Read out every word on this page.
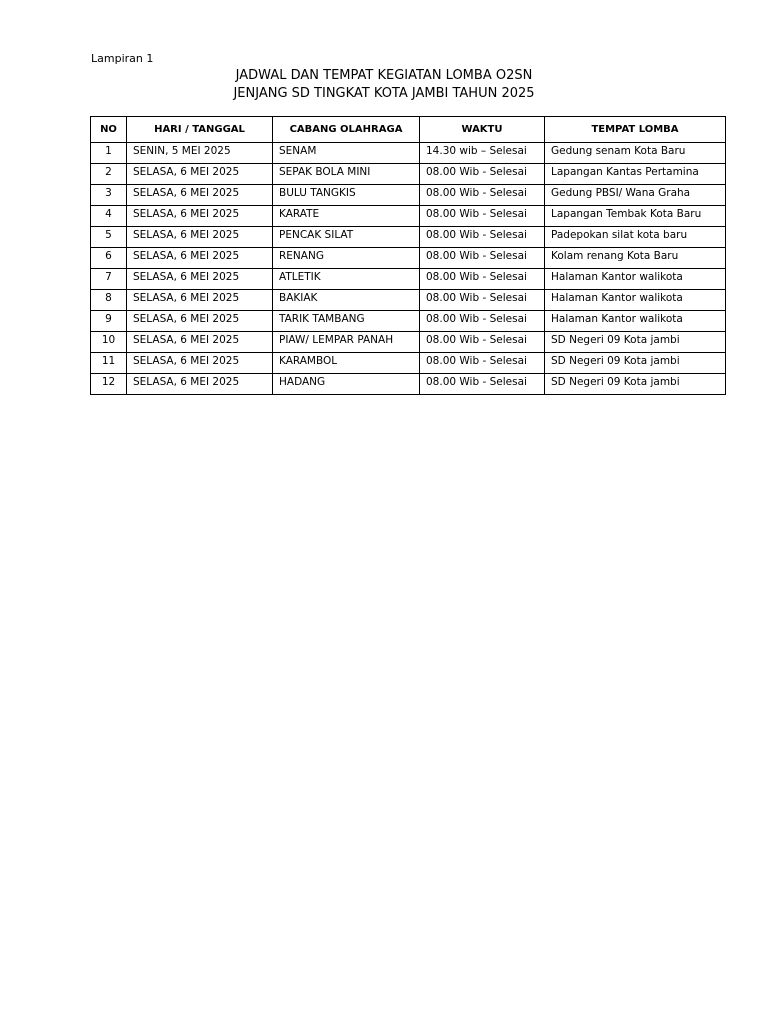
Lampiran 1
JADWAL DAN TEMPAT KEGIATAN LOMBA O2SN
JENJANG SD TINGKAT KOTA JAMBI TAHUN 2025
NO	HARI / TANGGAL	CABANG OLAHRAGA	WAKTU	TEMPAT LOMBA
1	SENIN, 5 MEI 2025	SENAM	14.30 wib – Selesai	Gedung senam Kota Baru
2	SELASA, 6 MEI 2025	SEPAK BOLA MINI	08.00 Wib - Selesai	Lapangan Kantas Pertamina
3	SELASA, 6 MEI 2025	BULU TANGKIS	08.00 Wib - Selesai	Gedung PBSI/ Wana Graha
4	SELASA, 6 MEI 2025	KARATE	08.00 Wib - Selesai	Lapangan Tembak Kota Baru
5	SELASA, 6 MEI 2025	PENCAK SILAT	08.00 Wib - Selesai	Padepokan silat kota baru
6	SELASA, 6 MEI 2025	RENANG	08.00 Wib - Selesai	Kolam renang Kota Baru
7	SELASA, 6 MEI 2025	ATLETIK	08.00 Wib - Selesai	Halaman Kantor walikota
8	SELASA, 6 MEI 2025	BAKIAK	08.00 Wib - Selesai	Halaman Kantor walikota
9	SELASA, 6 MEI 2025	TARIK TAMBANG	08.00 Wib - Selesai	Halaman Kantor walikota
10	SELASA, 6 MEI 2025	PIAW/ LEMPAR PANAH	08.00 Wib - Selesai	SD Negeri 09 Kota jambi
11	SELASA, 6 MEI 2025	KARAMBOL	08.00 Wib - Selesai	SD Negeri 09 Kota jambi
12	SELASA, 6 MEI 2025	HADANG	08.00 Wib - Selesai	SD Negeri 09 Kota jambi
